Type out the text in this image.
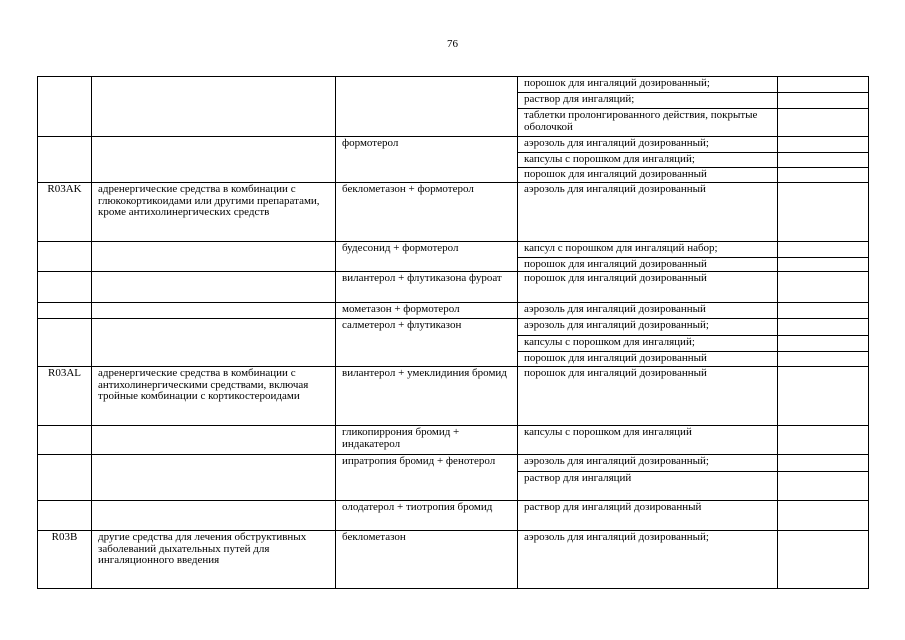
76

			порошок для ингаляций дозированный;
раствор для ингаляций;
таблетки пролонгированного действия, покрытые оболочкой	

		формотерол	аэрозоль для ингаляций дозированный;
капсулы с порошком для ингаляций;
порошок для ингаляций дозированный	

R03AK	адренергические средства в комбинации с глюкокортикоидами или другими препаратами, кроме антихолинергических средств	беклометазон + формотерол	аэрозоль для ингаляций дозированный	

		будесонид + формотерол	капсул с порошком для ингаляций набор;
порошок для ингаляций дозированный	

		вилантерол + флутиказона фуроат	порошок для ингаляций дозированный	

		мометазон + формотерол	аэрозоль для ингаляций дозированный	

		салметерол + флутиказон	аэрозоль для ингаляций дозированный;
капсулы с порошком для ингаляций;
порошок для ингаляций дозированный	

R03AL	адренергические средства в комбинации с антихолинергическими средствами, включая тройные комбинации с кортикостероидами	вилантерол + умеклидиния бромид	порошок для ингаляций дозированный	

		гликопиррония бромид + индакатерол	капсулы с порошком для ингаляций	

		ипратропия бромид + фенотерол	аэрозоль для ингаляций дозированный;
раствор для ингаляций	

		олодатерол + тиотропия бромид	раствор для ингаляций дозированный	

R03B	другие средства для лечения обструктивных заболеваний дыхательных путей для ингаляционного введения	беклометазон	аэрозоль для ингаляций дозированный;	
